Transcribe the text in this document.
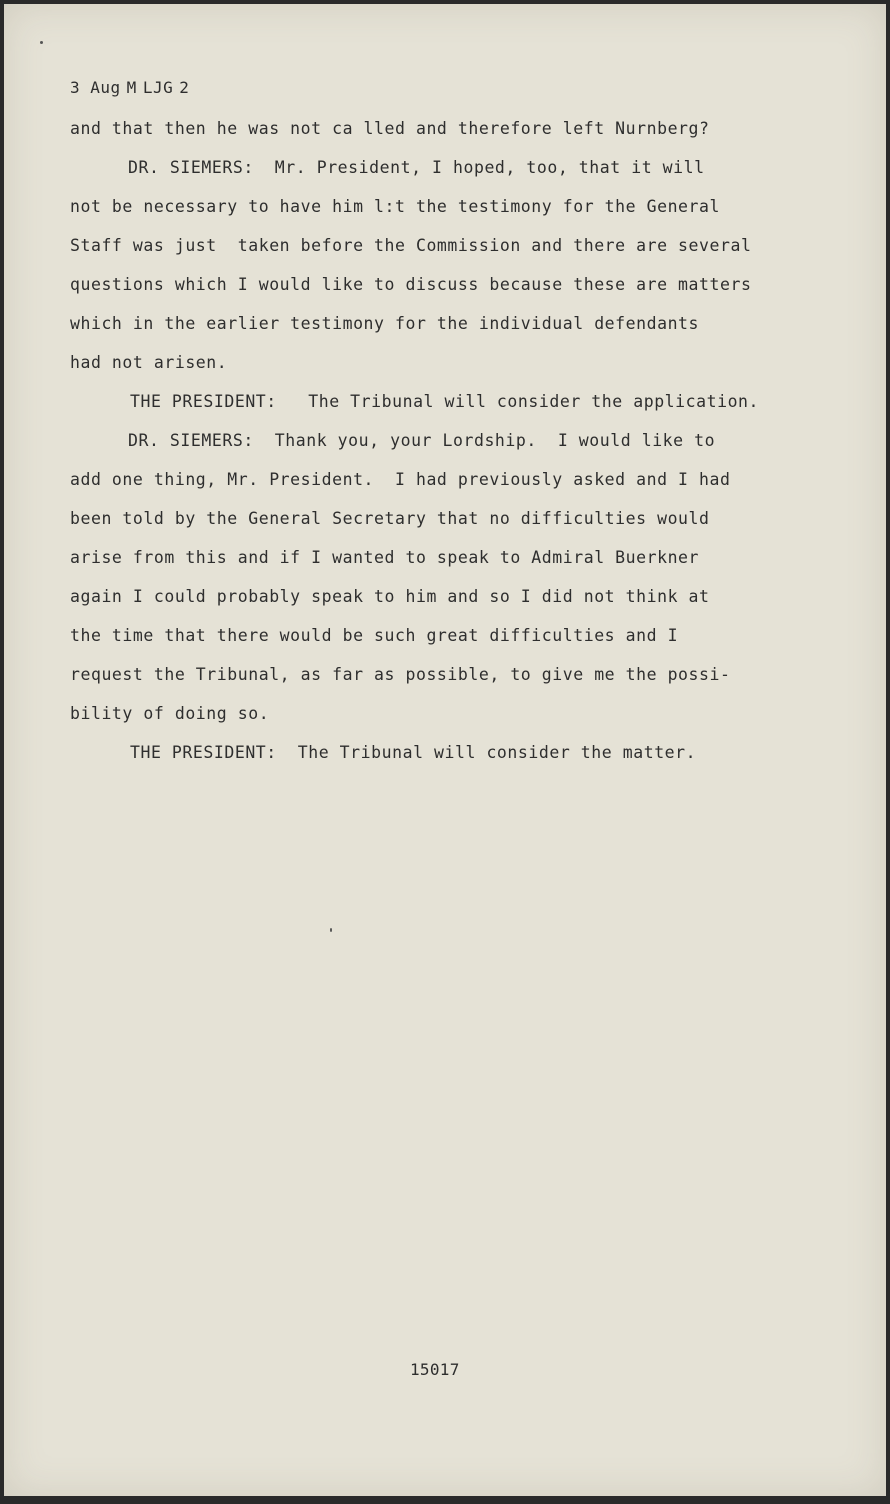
3 Aug M LJG 2
and that then he was not ca lled and therefore left Nurnberg?
DR. SIEMERS:  Mr. President, I hoped, too, that it will
not be necessary to have him l:t the testimony for the General
Staff was just  taken before the Commission and there are several
questions which I would like to discuss because these are matters
which in the earlier testimony for the individual defendants
had not arisen.
THE PRESIDENT:   The Tribunal will consider the application.
DR. SIEMERS:  Thank you, your Lordship.  I would like to
add one thing, Mr. President.  I had previously asked and I had
been told by the General Secretary that no difficulties would
arise from this and if I wanted to speak to Admiral Buerkner
again I could probably speak to him and so I did not think at
the time that there would be such great difficulties and I
request the Tribunal, as far as possible, to give me the possi-
bility of doing so.
THE PRESIDENT:  The Tribunal will consider the matter.
15017
